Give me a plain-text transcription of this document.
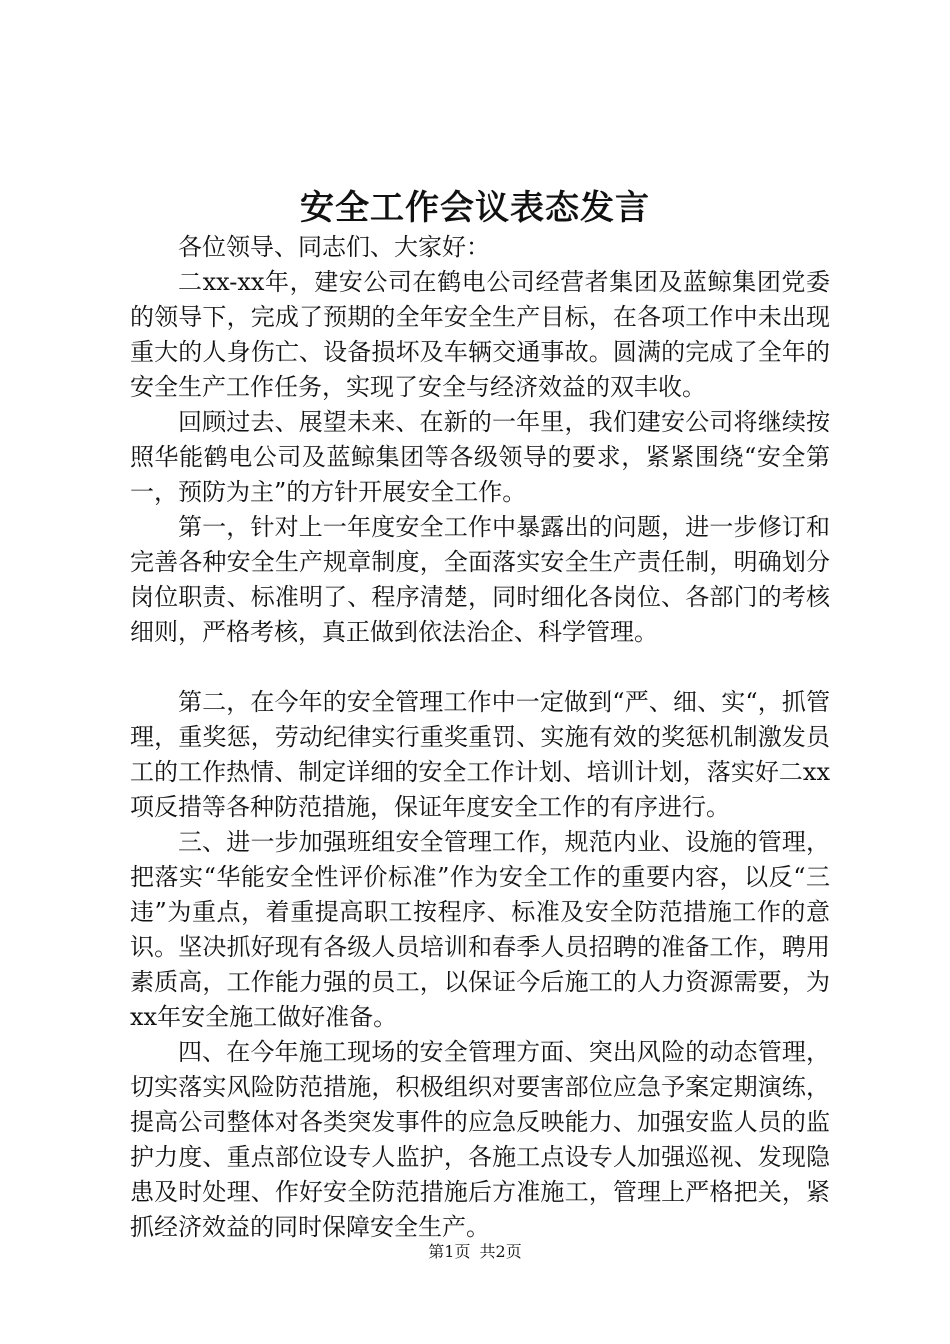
安全工作会议表态发言

各位领导、同志们、大家好：

二xx-xx年，建安公司在鹤电公司经营者集团及蓝鲸集团党委的领导下，完成了预期的全年安全生产目标，在各项工作中未出现重大的人身伤亡、设备损坏及车辆交通事故。圆满的完成了全年的安全生产工作任务，实现了安全与经济效益的双丰收。

回顾过去、展望未来、在新的一年里，我们建安公司将继续按照华能鹤电公司及蓝鲸集团等各级领导的要求，紧紧围绕“安全第一，预防为主”的方针开展安全工作。

第一，针对上一年度安全工作中暴露出的问题，进一步修订和完善各种安全生产规章制度，全面落实安全生产责任制，明确划分岗位职责、标准明了、程序清楚，同时细化各岗位、各部门的考核细则，严格考核，真正做到依法治企、科学管理。

第二，在今年的安全管理工作中一定做到“严、细、实“，抓管理，重奖惩，劳动纪律实行重奖重罚、实施有效的奖惩机制激发员工的工作热情、制定详细的安全工作计划、培训计划，落实好二xx项反措等各种防范措施，保证年度安全工作的有序进行。

三、进一步加强班组安全管理工作，规范内业、设施的管理，把落实“华能安全性评价标准”作为安全工作的重要内容，以反“三违”为重点，着重提高职工按程序、标准及安全防范措施工作的意识。坚决抓好现有各级人员培训和春季人员招聘的准备工作，聘用素质高，工作能力强的员工，以保证今后施工的人力资源需要，为xx年安全施工做好准备。

四、在今年施工现场的安全管理方面、突出风险的动态管理，切实落实风险防范措施，积极组织对要害部位应急予案定期演练，提高公司整体对各类突发事件的应急反映能力、加强安监人员的监护力度、重点部位设专人监护，各施工点设专人加强巡视、发现隐患及时处理、作好安全防范措施后方准施工，管理上严格把关，紧抓经济效益的同时保障安全生产。

第1页 共2页
